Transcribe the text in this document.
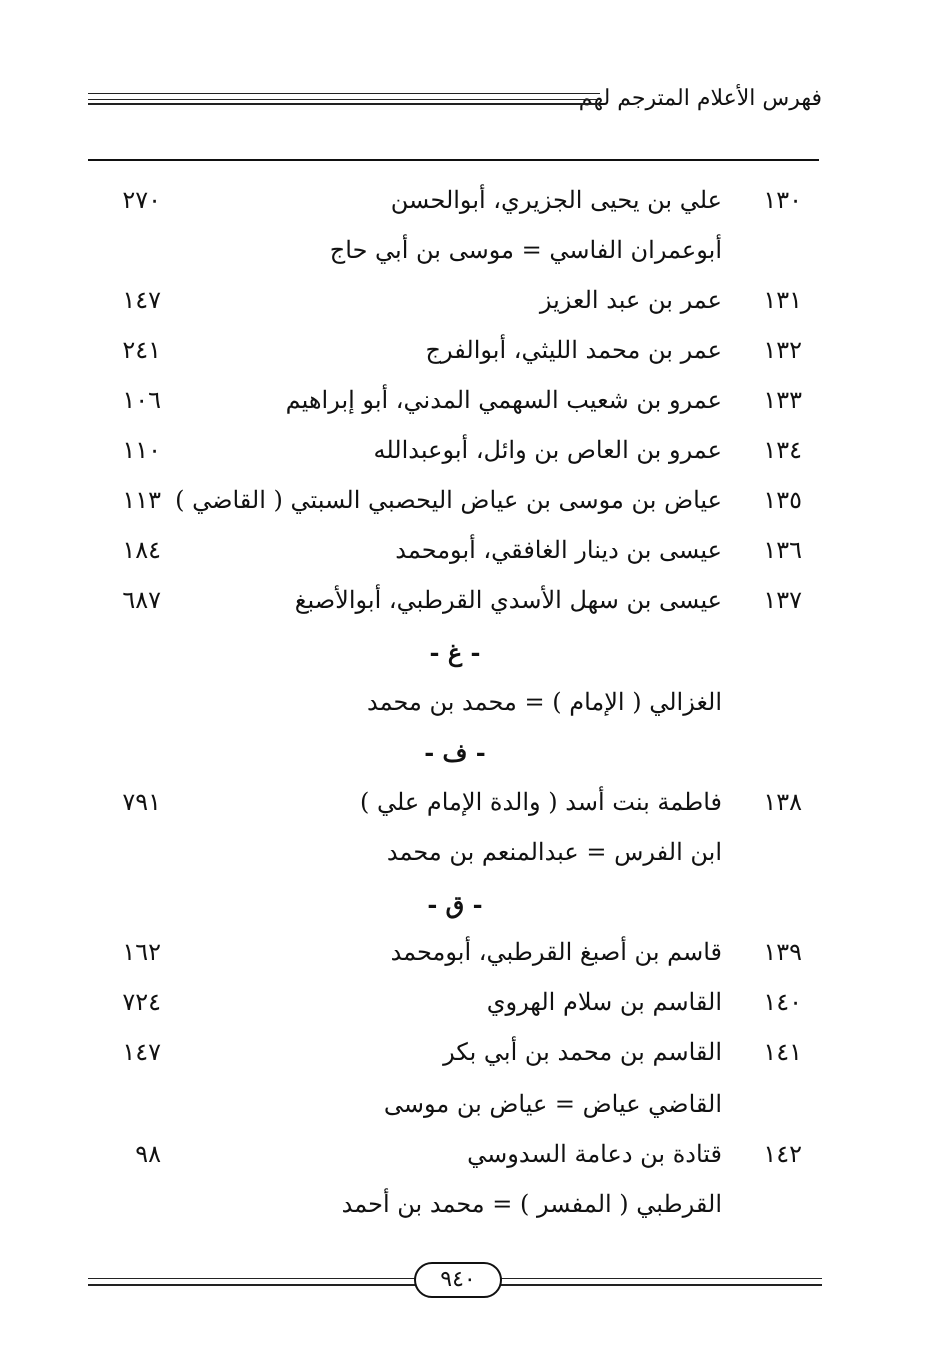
فهرس الأعلام المترجم لهم
١٣٠
علي بن يحيى الجزيري، أبوالحسن
٢٧٠
أبوعمران الفاسي = موسى بن أبي حاج
١٣١
عمر بن عبد العزيز
١٤٧
١٣٢
عمر بن محمد الليثي، أبوالفرج
٢٤١
١٣٣
عمرو بن شعيب السهمي المدني، أبو إبراهيم
١٠٦
١٣٤
عمرو بن العاص بن وائل، أبوعبدالله
١١٠
١٣٥
عياض بن موسى بن عياض اليحصبي السبتي ( القاضي )
١١٣
١٣٦
عيسى بن دينار الغافقي، أبومحمد
١٨٤
١٣٧
عيسى بن سهل الأسدي القرطبي، أبوالأصبغ
٦٨٧
- غ -
الغزالي ( الإمام ) = محمد بن محمد
- ف -
١٣٨
فاطمة بنت أسد ( والدة الإمام علي )
٧٩١
ابن الفرس = عبدالمنعم بن محمد
- ق -
١٣٩
قاسم بن أصبغ القرطبي، أبومحمد
١٦٢
١٤٠
القاسم بن سلام الهروي
٧٢٤
١٤١
القاسم بن محمد بن أبي بكر
١٤٧
القاضي عياض = عياض بن موسى
١٤٢
قتادة بن دعامة السدوسي
٩٨
القرطبي ( المفسر ) = محمد بن أحمد
٩٤٠
